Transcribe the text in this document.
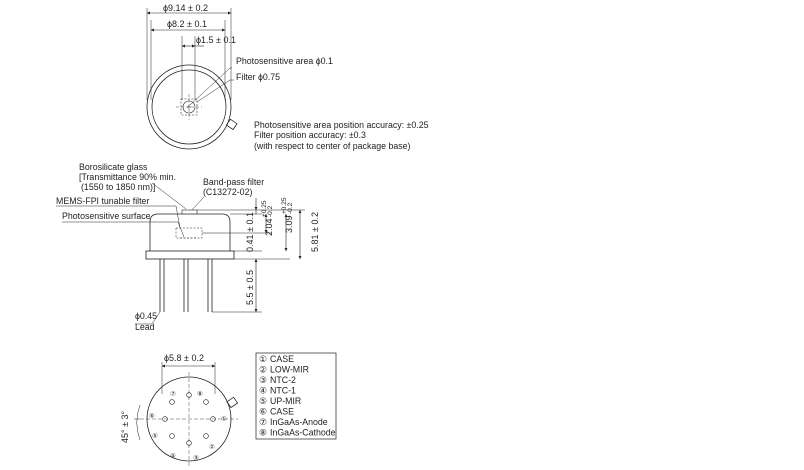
ϕ9.14 ± 0.2
ϕ8.2 ± 0.1
ϕ1.5 ± 0.1
Photosensitive area ϕ0.1
Filter ϕ0.75
Photosensitive area position accuracy: ±0.25
Filter position accuracy: ±0.3
(with respect to center of package base)
Borosilicate glass
[Transmittance 90% min.
(1550 to 1850 nm)]	Band-pass filter
(C13272-02)
MEMS-FPI tunable filter
Photosensitive surface
ϕ0.45
Lead
0.41 ± 0.1 2.04
+0.25 -0.2
3.09
+0.25 -0.2
5.81 ± 0.2
5.5 ± 0.5
ϕ5.8 ± 0.2
45° ± 3°	①
②
③
④
⑤
⑥
⑦	⑧
① CASE
② LOW-MIR
③ NTC-2
④ NTC-1
⑤ UP-MIR
⑥ CASE
⑦ InGaAs-Anode
⑧ InGaAs-Cathode
